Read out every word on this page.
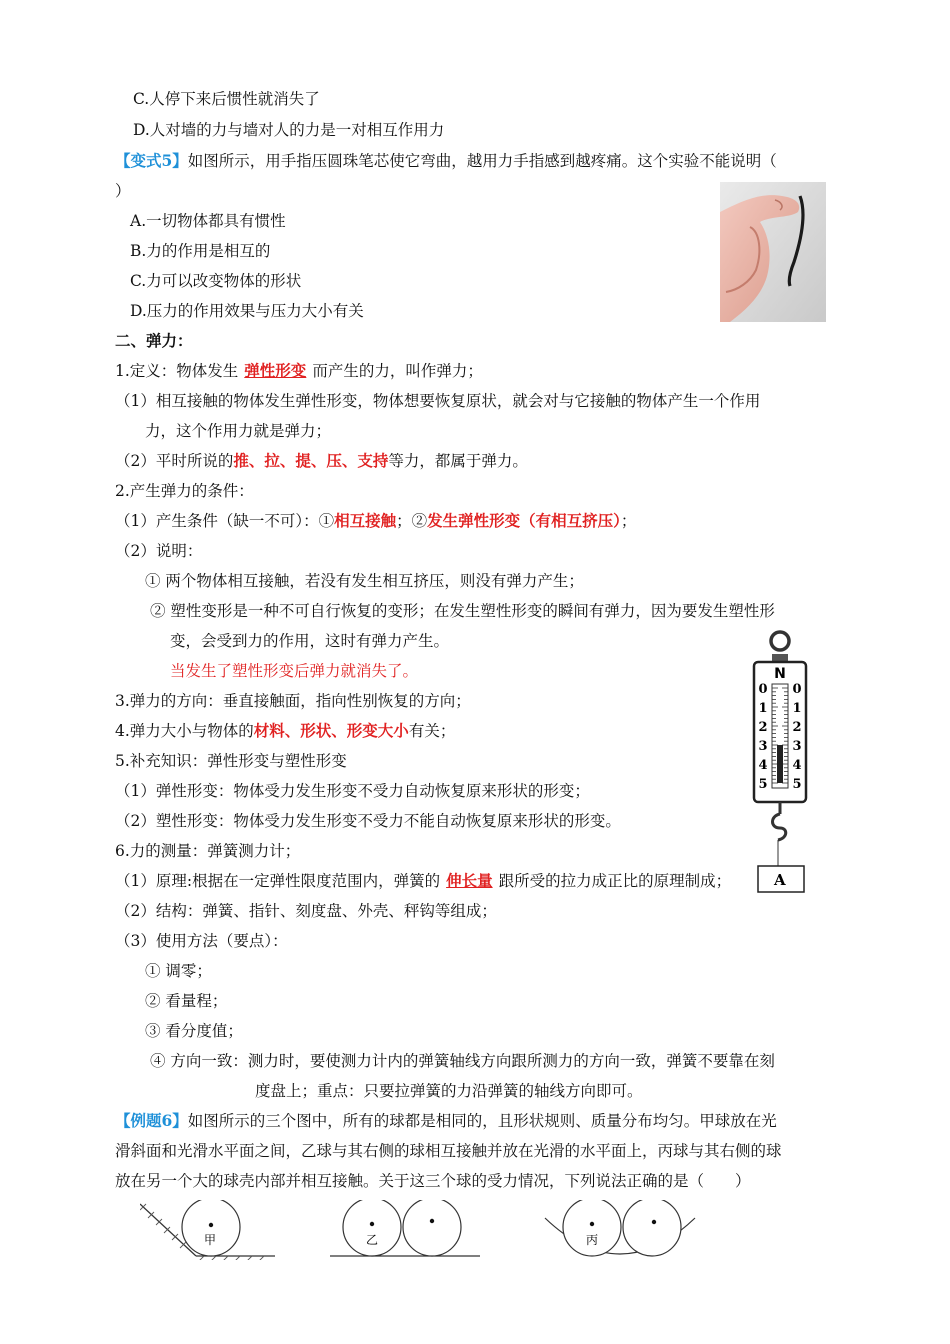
C.人停下来后惯性就消失了
D.人对墙的力与墙对人的力是一对相互作用力
【变式5】如图所示，用手指压圆珠笔芯使它弯曲，越用力手指感到越疼痛。这个实验不能说明（
）
A.一切物体都具有惯性
B.力的作用是相互的
C.力可以改变物体的形状
D.压力的作用效果与压力大小有关
二、弹力：
1.定义：物体发生 弹性形变 而产生的力，叫作弹力；
（1）相互接触的物体发生弹性形变，物体想要恢复原状，就会对与它接触的物体产生一个作用
力，这个作用力就是弹力；
（2）平时所说的推、拉、提、压、支持等力，都属于弹力。
2.产生弹力的条件：
（1）产生条件（缺一不可）：①相互接触；②发生弹性形变（有相互挤压）；
（2）说明：
① 两个物体相互接触，若没有发生相互挤压，则没有弹力产生；
② 塑性变形是一种不可自行恢复的变形；在发生塑性形变的瞬间有弹力，因为要发生塑性形
变，会受到力的作用，这时有弹力产生。
当发生了塑性形变后弹力就消失了。
3.弹力的方向：垂直接触面，指向性别恢复的方向；
4.弹力大小与物体的材料、形状、形变大小有关；
5.补充知识：弹性形变与塑性形变
（1）弹性形变：物体受力发生形变不受力自动恢复原来形状的形变；
（2）塑性形变：物体受力发生形变不受力不能自动恢复原来形状的形变。
6.力的测量：弹簧测力计；
（1）原理:根据在一定弹性限度范围内，弹簧的 伸长量 跟所受的拉力成正比的原理制成；
（2）结构：弹簧、指针、刻度盘、外壳、秤钩等组成；
（3）使用方法（要点）：
① 调零；
② 看量程；
③ 看分度值；
④ 方向一致：测力时，要使测力计内的弹簧轴线方向跟所测力的方向一致，弹簧不要靠在刻
度盘上；重点：只要拉弹簧的力沿弹簧的轴线方向即可。
【例题6】如图所示的三个图中，所有的球都是相同的，且形状规则、质量分布均匀。甲球放在光
滑斜面和光滑水平面之间，乙球与其右侧的球相互接触并放在光滑的水平面上，丙球与其右侧的球
放在另一个大的球壳内部并相互接触。关于这三个球的受力情况，下列说法正确的是（　　）
N
0 0
1 1
2 2
3 3
4 4
5 5
A
甲	乙	丙
